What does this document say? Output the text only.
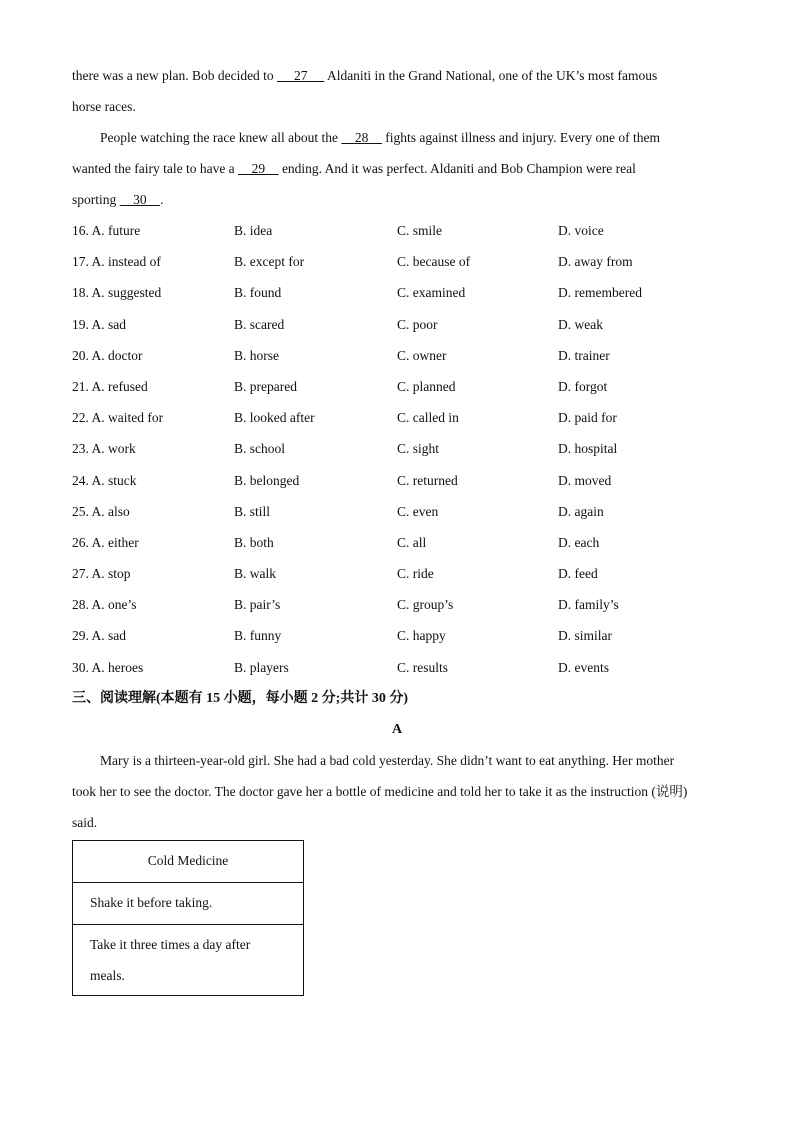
there was a new plan. Bob decided to      27      Aldaniti in the Grand National, one of the UK’s most famous
horse races.
People watching the race knew all about the     28     fights against illness and injury. Every one of them
wanted the fairy tale to have a     29     ending. And it was perfect. Aldaniti and Bob Champion were real
sporting     30 .
16. A. future	B. idea	C. smile	D. voice
17. A. instead of	B. except for	C. because of	D. away from
18. A. suggested	B. found	C. examined	D. remembered
19. A. sad	B. scared	C. poor	D. weak
20. A. doctor	B. horse	C. owner	D. trainer
21. A. refused	B. prepared	C. planned	D. forgot
22. A. waited for	B. looked after	C. called in	D. paid for
23. A. work	B. school	C. sight	D. hospital
24. A. stuck	B. belonged	C. returned	D. moved
25. A. also	B. still	C. even	D. again
26. A. either	B. both	C. all	D. each
27. A. stop	B. walk	C. ride	D. feed
28. A. one’s	B. pair’s	C. group’s	D. family’s
29. A. sad	B. funny	C. happy	D. similar
30. A. heroes	B. players	C. results	D. events
三、阅读理解(本题有 15 小题，每小题 2 分;共计 30 分)
A
Mary is a thirteen-year-old girl. She had a bad cold yesterday. She didn’t want to eat anything. Her mother
took her to see the doctor. The doctor gave her a bottle of medicine and told her to take it as the instruction (说明)
said.
Cold Medicine
Shake it before taking.
Take it three times a day after meals.
